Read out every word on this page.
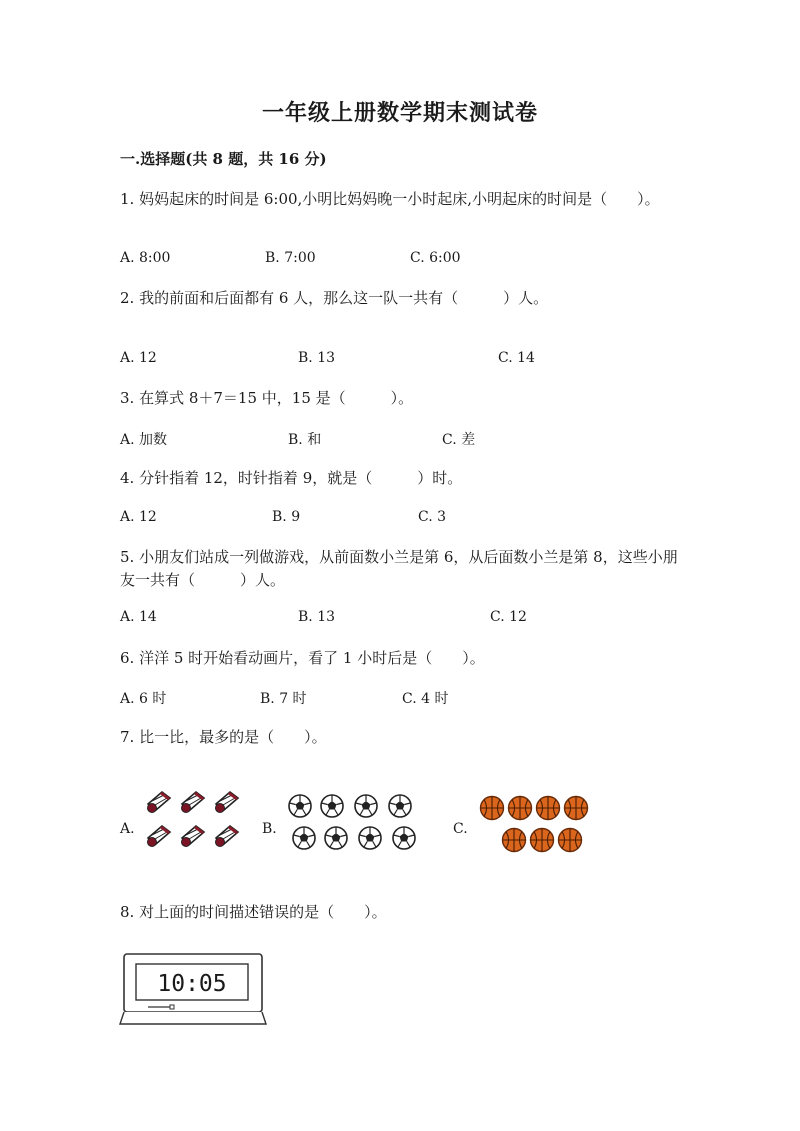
一年级上册数学期末测试卷
一.选择题(共 8 题，共 16 分)
1. 妈妈起床的时间是 6:00,小明比妈妈晚一小时起床,小明起床的时间是（　　）。
A. 8:00	B. 7:00	C. 6:00
2. 我的前面和后面都有 6 人，那么这一队一共有（　　　）人。
A. 12	B. 13	C. 14
3. 在算式 8＋7＝15 中，15 是（　　　）。
A. 加数	B. 和	C. 差
4. 分针指着 12，时针指着 9，就是（　　　）时。
A. 12	B. 9	C. 3
5. 小朋友们站成一列做游戏，从前面数小兰是第 6，从后面数小兰是第 8，这些小朋友一共有（　　　）人。
A. 14	B. 13	C. 12
6. 洋洋 5 时开始看动画片，看了 1 小时后是（　　）。
A. 6 时	B. 7 时	C. 4 时
7. 比一比，最多的是（　　）。
A.	B.	C.
8. 对上面的时间描述错误的是（　　）。
10:05
